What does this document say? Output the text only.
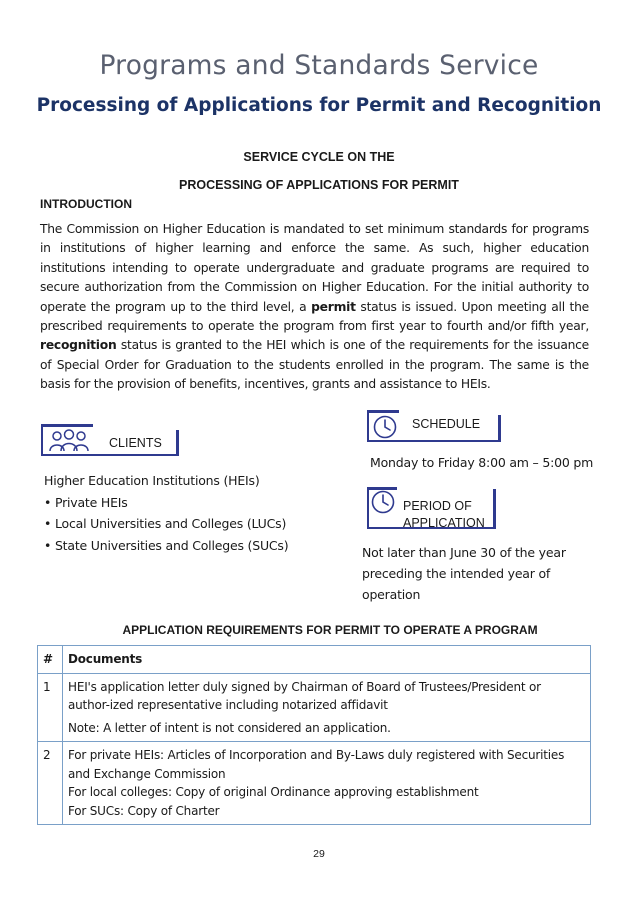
Programs and Standards Service
Processing of Applications for Permit and Recognition
SERVICE CYCLE ON THE
PROCESSING OF APPLICATIONS FOR PERMIT
INTRODUCTION
The Commission on Higher Education is mandated to set minimum standards for programs in institutions of higher learning and enforce the same. As such, higher education institutions intending to operate undergraduate and graduate programs are required to secure authorization from the Commission on Higher Education. For the initial authority to operate the program up to the third level, a permit status is issued. Upon meeting all the prescribed requirements to operate the program from first year to fourth and/or fifth year, recognition status is granted to the HEI which is one of the requirements for the issuance of Special Order for Graduation to the students enrolled in the program. The same is the basis for the provision of benefits, incentives, grants and assistance to HEIs.
CLIENTS
Higher Education Institutions (HEIs)
• Private HEIs
• Local Universities and Colleges (LUCs)
• State Universities and Colleges (SUCs)
SCHEDULE
Monday to Friday 8:00 am – 5:00 pm
PERIOD OF
APPLICATION
Not later than June 30 of the year
preceding the intended year of
operation
APPLICATION REQUIREMENTS FOR PERMIT TO OPERATE A PROGRAM
#	Documents
1	HEI's application letter duly signed by Chairman of Board of Trustees/President or author-ized representative including notarized affidavit
Note: A letter of intent is not considered an application.

2	For private HEIs: Articles of Incorporation and By-Laws duly registered with Securities and Exchange Commission
For local colleges: Copy of original Ordinance approving establishment
For SUCs: Copy of Charter
29
